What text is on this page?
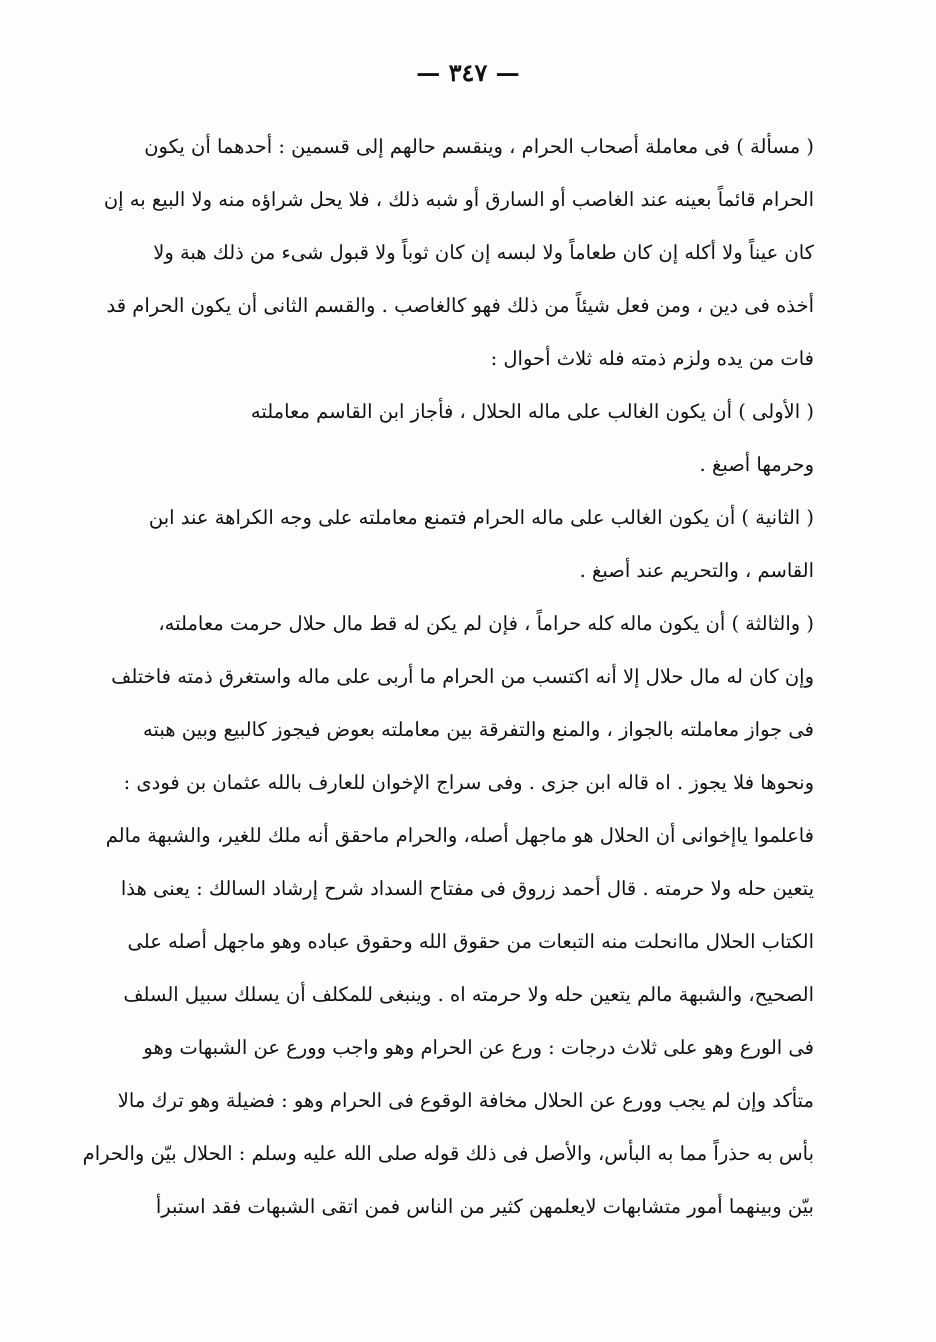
— ٣٤٧ —
( مسألة ) فى معاملة أصحاب الحرام ، وينقسم حالهم إلى قسمين : أحدهما أن يكون
الحرام قائماً بعينه عند الغاصب أو السارق أو شبه ذلك ، فلا يحل شراؤه منه ولا البيع به إن
كان عيناً ولا أكله إن كان طعاماً ولا لبسه إن كان ثوباً ولا قبول شىء من ذلك هبة ولا
أخذه فى دين ، ومن فعل شيئاً من ذلك فهو كالغاصب . والقسم الثانى أن يكون الحرام قد
فات من يده ولزم ذمته فله ثلاث أحوال :
( الأولى ) أن يكون الغالب على ماله الحلال ، فأجاز ابن القاسم معاملته
وحرمها أصبغ .
( الثانية ) أن يكون الغالب على ماله الحرام فتمنع معاملته على وجه الكراهة عند ابن
القاسم ، والتحريم عند أصبغ .
( والثالثة ) أن يكون ماله كله حراماً ، فإن لم يكن له قط مال حلال حرمت معاملته،
وإن كان له مال حلال إلا أنه اكتسب من الحرام ما أربى على ماله واستغرق ذمته فاختلف
فى جواز معاملته بالجواز ، والمنع والتفرقة بين معاملته بعوض فيجوز كالبيع وبين هبته
ونحوها فلا يجوز . اه قاله ابن جزى . وفى سراج الإخوان للعارف بالله عثمان بن فودى :
فاعلموا ياإخوانى أن الحلال هو ماجهل أصله، والحرام ماحقق أنه ملك للغير، والشبهة مالم
يتعين حله ولا حرمته . قال أحمد زروق فى مفتاح السداد شرح إرشاد السالك : يعنى هذا
الكتاب الحلال ماانحلت منه التبعات من حقوق الله وحقوق عباده وهو ماجهل أصله على
الصحيح، والشبهة مالم يتعين حله ولا حرمته اه . وينبغى للمكلف أن يسلك سبيل السلف
فى الورع وهو على ثلاث درجات : ورع عن الحرام وهو واجب وورع عن الشبهات وهو
متأكد وإن لم يجب وورع عن الحلال مخافة الوقوع فى الحرام وهو : فضيلة وهو ترك مالا
بأس به حذراً مما به البأس، والأصل فى ذلك قوله صلى الله عليه وسلم : الحلال بيّن والحرام
بيّن وبينهما أمور متشابهات لايعلمهن كثير من الناس فمن اتقى الشبهات فقد استبرأ
